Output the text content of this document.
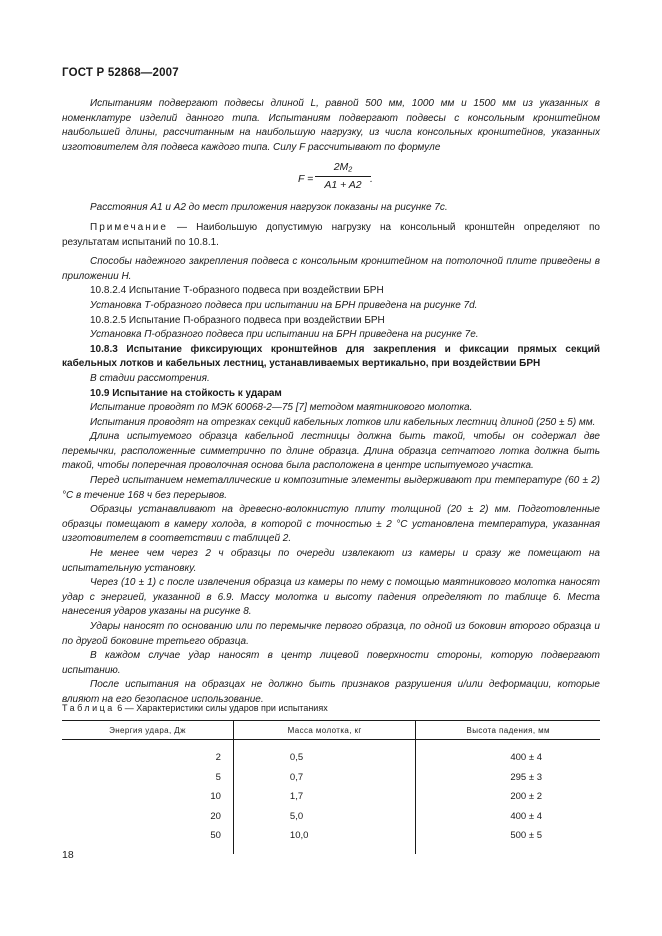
ГОСТ Р 52868—2007

Испытаниям подвергают подвесы длиной L, равной 500 мм, 1000 мм и 1500 мм из указанных в номенклатуре изделий данного типа. Испытаниям подвергают подвесы с консольным кронштейном наибольшей длины, рассчитанным на наибольшую нагрузку, из числа консольных кронштейнов, указанных изготовителем для подвеса каждого типа. Силу F рассчитывают по формуле

$F = \frac{\text{2M₂}}{A1 + A2}$ .

Расстояния А1 и А2 до мест приложения нагрузок показаны на рисунке 7с.

Примечание — Наибольшую допустимую нагрузку на консольный кронштейн определяют по результатам испытаний по 10.8.1.

Способы надежного закрепления подвеса с консольным кронштейном на потолочной плите приведены в приложении Н.

10.8.2.4 Испытание Т-образного подвеса при воздействии БРН

Установка Т-образного подвеса при испытании на БРН приведена на рисунке 7d.

10.8.2.5 Испытание П-образного подвеса при воздействии БРН

Установка П-образного подвеса при испытании на БРН приведена на рисунке 7е.

10.8.3 Испытание фиксирующих кронштейнов для закрепления и фиксации прямых секций кабельных лотков и кабельных лестниц, устанавливаемых вертикально, при воздействии БРН

В стадии рассмотрения.

10.9 Испытание на стойкость к ударам

Испытание проводят по МЭК 60068-2—75 [7] методом маятникового молотка.

Испытания проводят на отрезках секций кабельных лотков или кабельных лестниц длиной (250 ± 5) мм.

Длина испытуемого образца кабельной лестницы должна быть такой, чтобы он содержал две перемычки, расположенные симметрично по длине образца. Длина образца сетчатого лотка должна быть такой, чтобы поперечная проволочная основа была расположена в центре испытуемого участка.

Перед испытанием неметаллические и композитные элементы выдерживают при температуре (60 ± 2) °С в течение 168 ч без перерывов.

Образцы устанавливают на древесно-волокнистую плиту толщиной (20 ± 2) мм. Подготовленные образцы помещают в камеру холода, в которой с точностью ± 2 °С установлена температура, указанная изготовителем в соответствии с таблицей 2.

Не менее чем через 2 ч образцы по очереди извлекают из камеры и сразу же помещают на испытательную установку.

Через (10 ± 1) с после извлечения образца из камеры по нему с помощью маятникового молотка наносят удар с энергией, указанной в 6.9. Массу молотка и высоту падения определяют по таблице 6. Места нанесения ударов указаны на рисунке 8.

Удары наносят по основанию или по перемычке первого образца, по одной из боковин второго образца и по другой боковине третьего образца.

В каждом случае удар наносят в центр лицевой поверхности стороны, которую подвергают испытанию.

После испытания на образцах не должно быть признаков разрушения и/или деформации, которые влияют на его безопасное использование.

Таблица 6 — Характеристики силы ударов при испытаниях
Энергия удара, Дж	Масса молотка, кг	Высота падения, мм

2	0,5	400 ± 4
5	0,7	295 ± 3
10	1,7	200 ± 2
20	5,0	400 ± 4
50	10,0	500 ± 5

18
